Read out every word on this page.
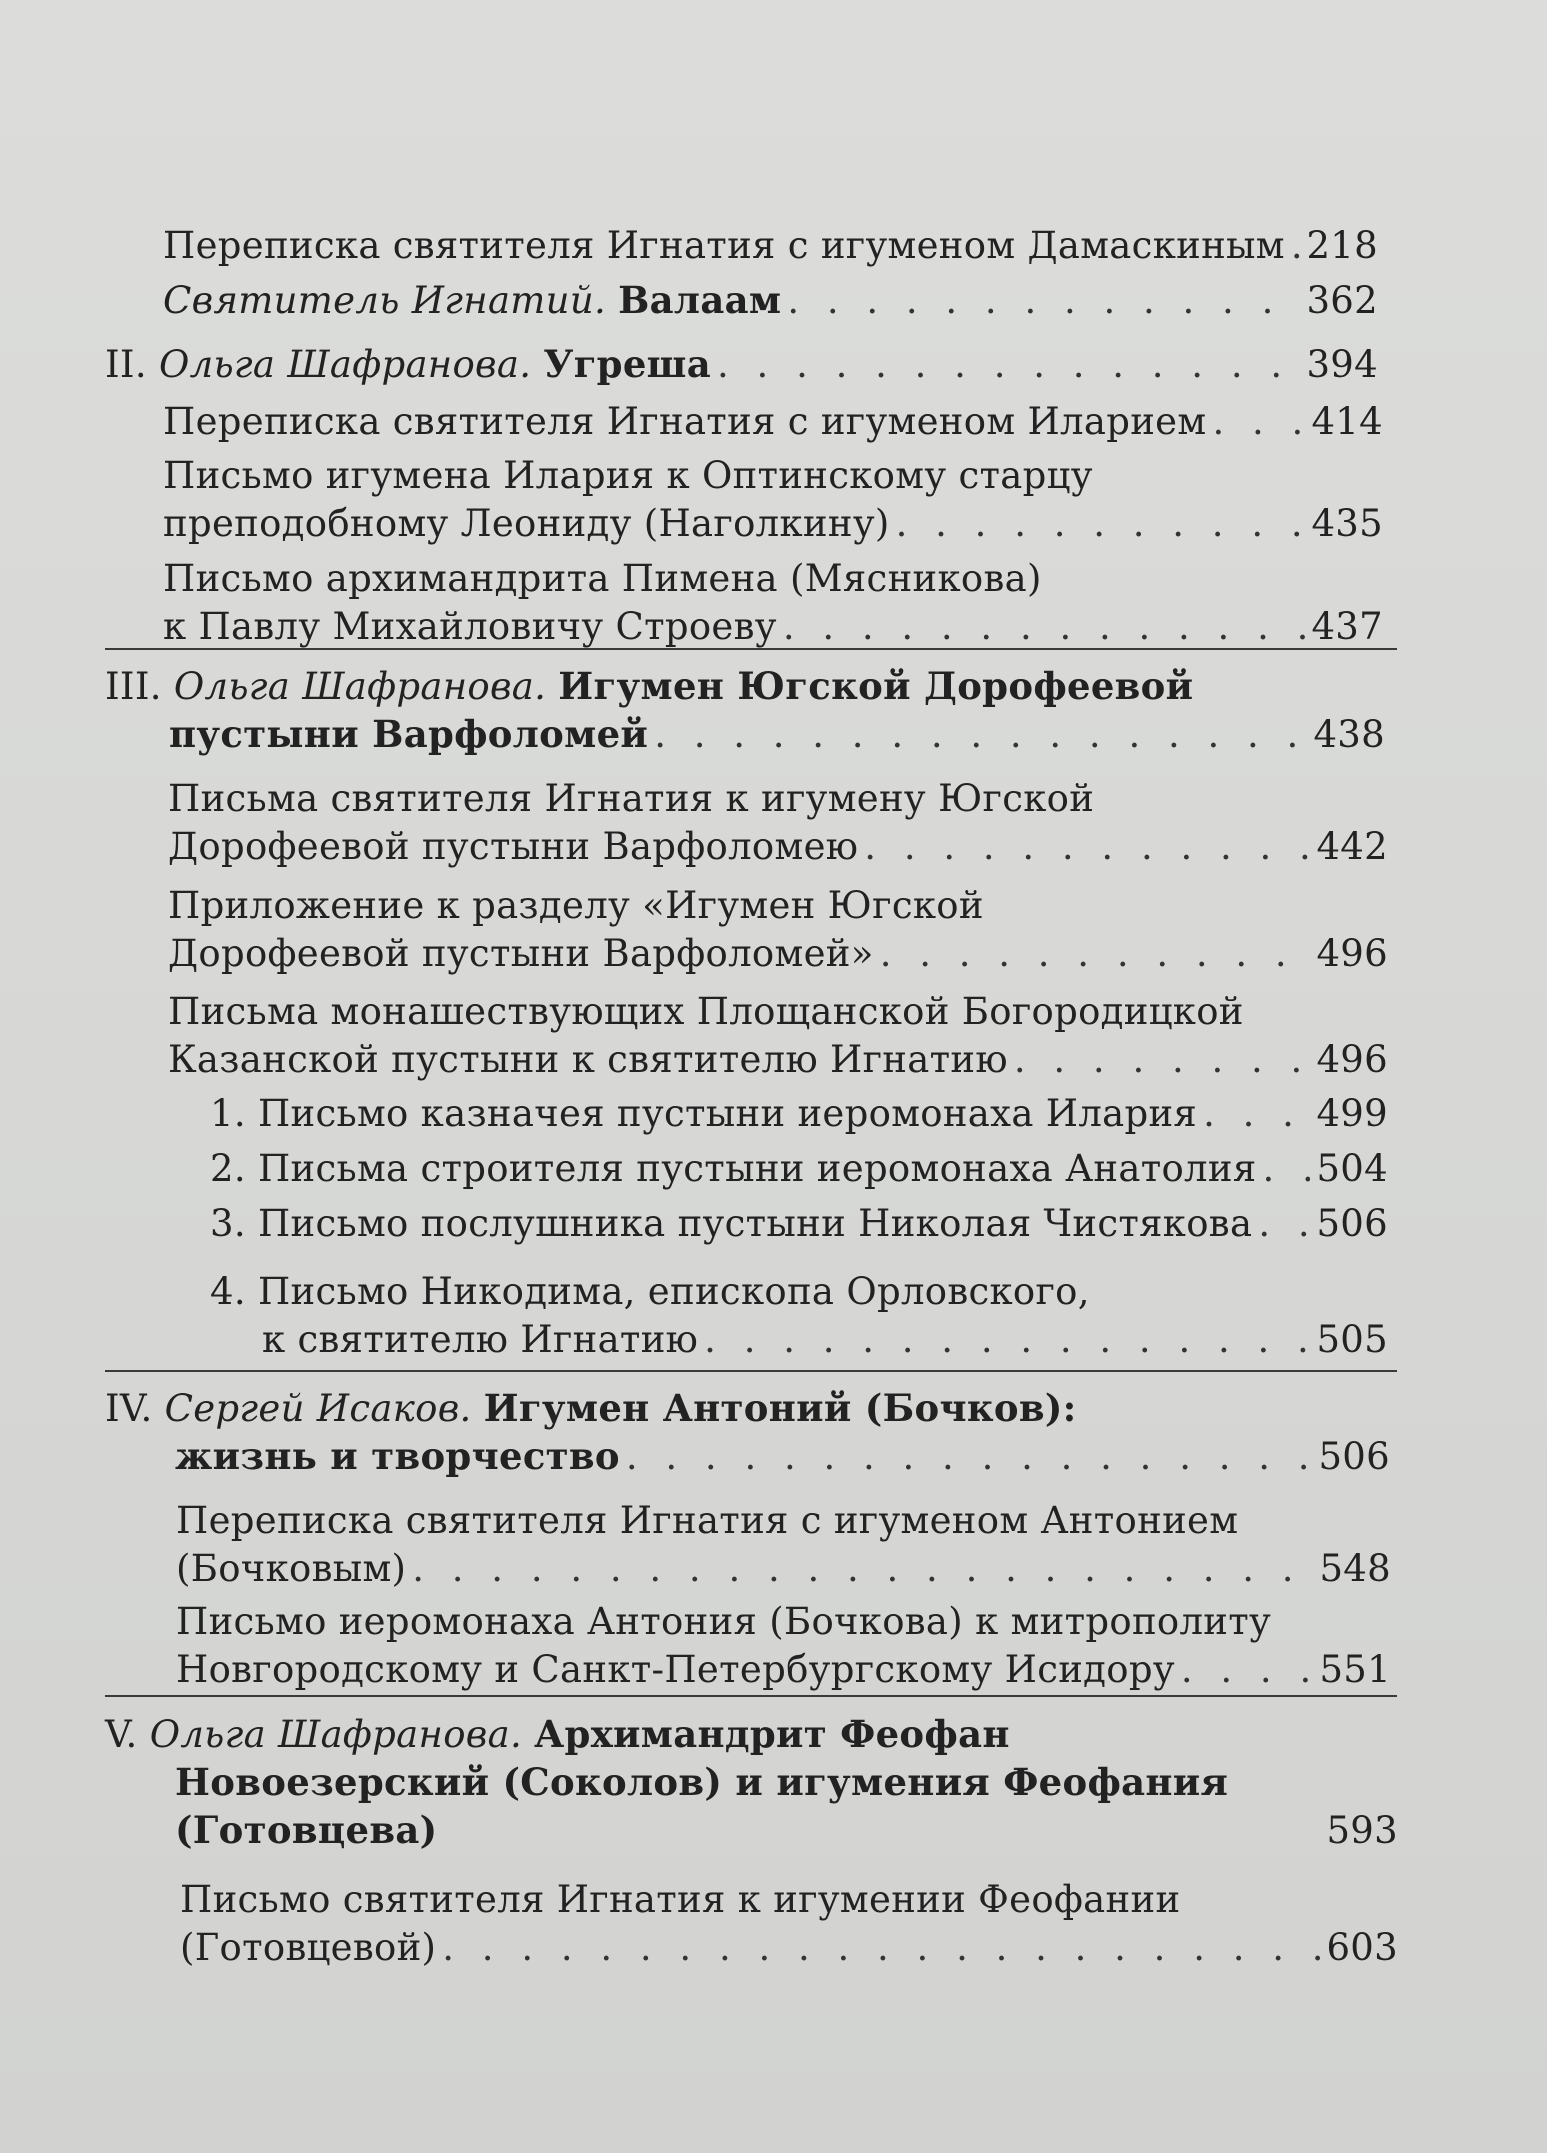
Переписка святителя Игнатия с игуменом Дамаскиным . . . 218
Святитель Игнатий. Валаам . . .	362
II. Ольга Шафранова. Угреша . . .	394
Переписка святителя Игнатия с игуменом Иларием . . .	414
Письмо игумена Илария к Оптинскому старцу
преподобному Леониду (Наголкину) . . .	435
Письмо архимандрита Пимена (Мясникова)
к Павлу Михайловичу Строеву . . .	437
III. Ольга Шафранова. Игумен Югской Дорофеевой
пустыни Варфоломей . . .	438
Письма святителя Игнатия к игумену Югской
Дорофеевой пустыни Варфоломею . . .	442
Приложение к разделу «Игумен Югской
Дорофеевой пустыни Варфоломей» . . .	496
Письма монашествующих Площанской Богородицкой
Казанской пустыни к святителю Игнатию . . .	496
1. Письмо казначея пустыни иеромонаха Илария . . .	499
2. Письма строителя пустыни иеромонаха Анатолия . . . 504
3. Письмо послушника пустыни Николая Чистякова . . . 506
4. Письмо Никодима, епископа Орловского,
к святителю Игнатию . . .	505
IV. Сергей Исаков. Игумен Антоний (Бочков):
жизнь и творчество . . .	506
Переписка святителя Игнатия с игуменом Антонием
(Бочковым) . . .	548
Письмо иеромонаха Антония (Бочкова) к митрополиту
Новгородскому и Санкт-Петербургскому Исидору . . .	551
V. Ольга Шафранова. Архимандрит Феофан
Новоезерский (Соколов) и игумения Феофания
(Готовцева)	593
Письмо святителя Игнатия к игумении Феофании
(Готовцевой) . . .	603
